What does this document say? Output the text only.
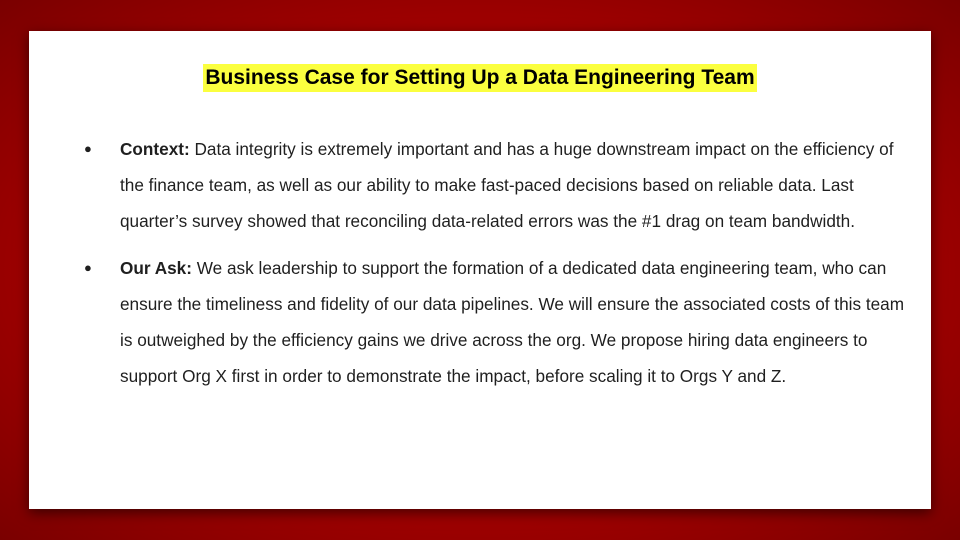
Business Case for Setting Up a Data Engineering Team
● Context: Data integrity is extremely important and has a huge downstream impact on the efficiency of the finance team, as well as our ability to make fast-paced decisions based on reliable data. Last quarter’s survey showed that reconciling data-related errors was the #1 drag on team bandwidth.
● Our Ask: We ask leadership to support the formation of a dedicated data engineering team, who can ensure the timeliness and fidelity of our data pipelines. We will ensure the associated costs of this team is outweighed by the efficiency gains we drive across the org. We propose hiring data engineers to support Org X first in order to demonstrate the impact, before scaling it to Orgs Y and Z.
